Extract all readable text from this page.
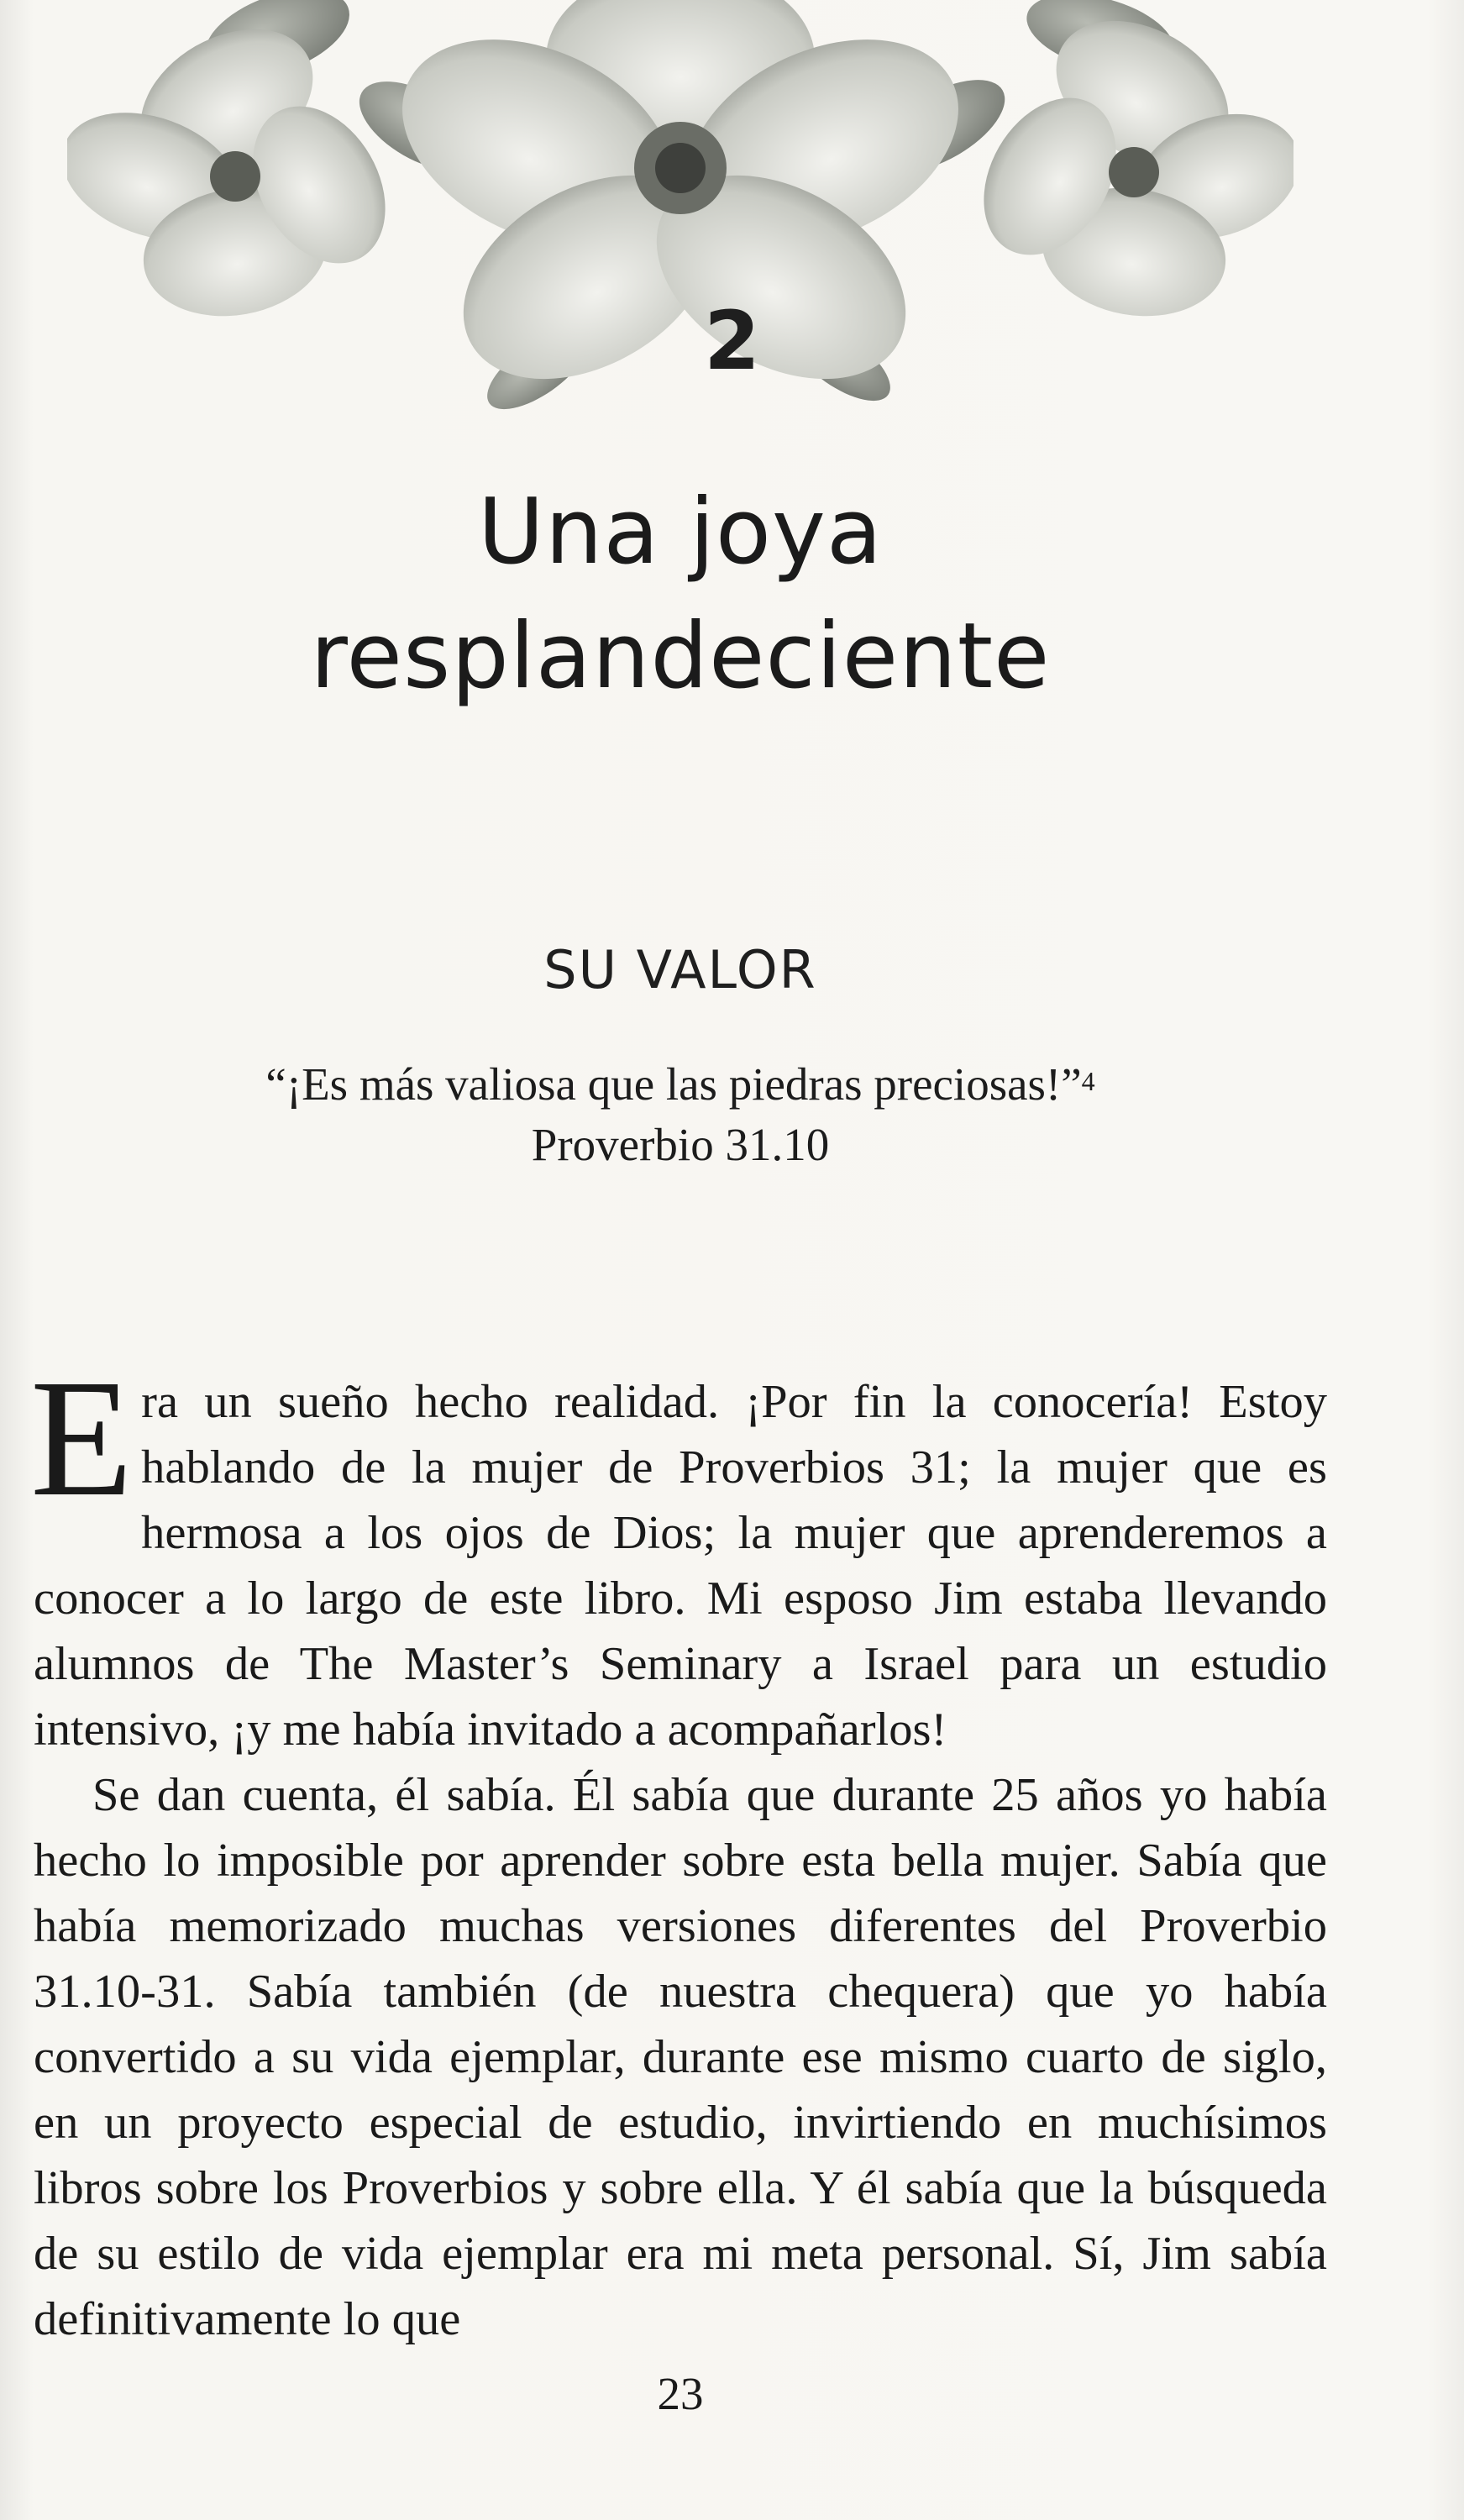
2
Una joya
resplandeciente
SU VALOR
“¡Es más valiosa que las piedras preciosas!”$^4$
Proverbio 31.10

Era un sueño hecho realidad. ¡Por fin la conocería! Estoy hablando de la mujer de Proverbios 31; la mujer que es hermosa a los ojos de Dios; la mujer que aprenderemos a conocer a lo largo de este libro. Mi esposo Jim estaba llevando alumnos de The Master’s Seminary a Israel para un estudio intensivo, ¡y me había invitado a acompañarlos!

Se dan cuenta, él sabía. Él sabía que durante 25 años yo había hecho lo imposible por aprender sobre esta bella mujer. Sabía que había memorizado muchas versiones diferentes del Proverbio 31.10-31. Sabía también (de nuestra chequera) que yo había convertido a su vida ejemplar, durante ese mismo cuarto de siglo, en un proyecto especial de estudio, invirtiendo en muchísimos libros sobre los Proverbios y sobre ella. Y él sabía que la búsqueda de su estilo de vida ejemplar era mi meta personal. Sí, Jim sabía definitivamente lo que

23
